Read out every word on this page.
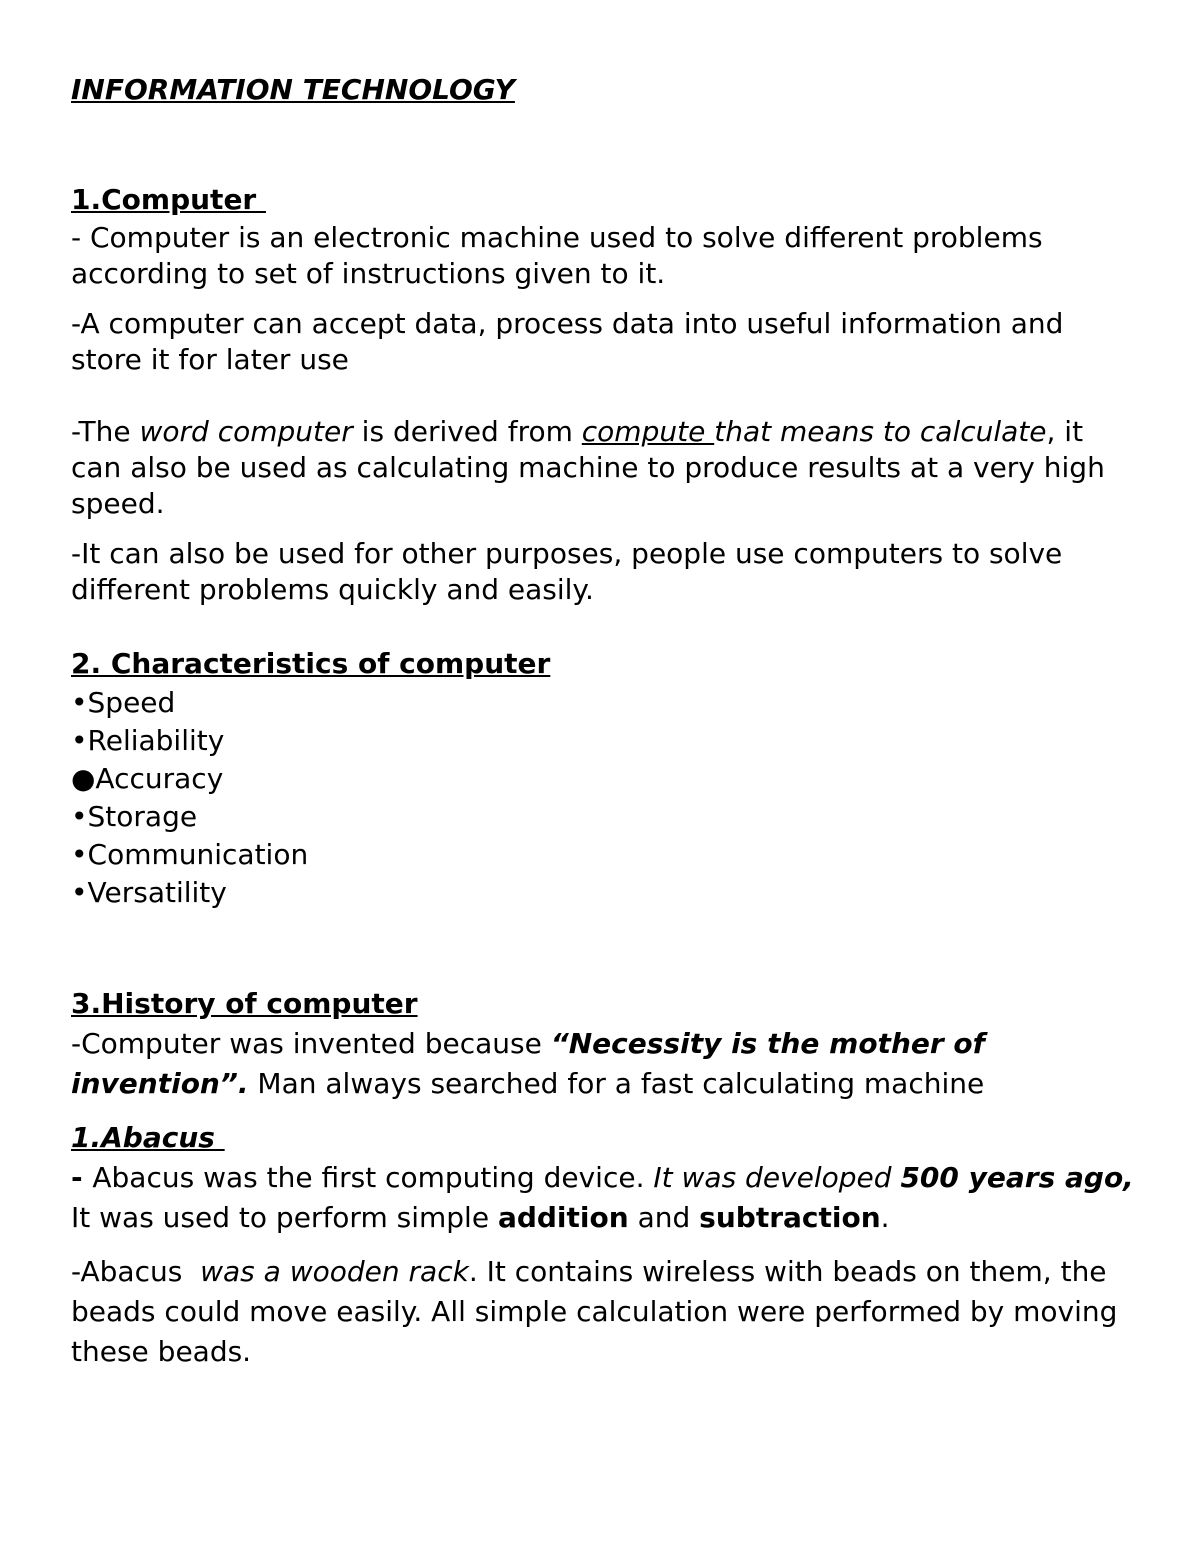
INFORMATION TECHNOLOGY
1.Computer

- Computer is an electronic machine used to solve different problems according to set of instructions given to it.

-A computer can accept data, process data into useful information and store it for later use

-The word computer is derived from compute that means to calculate, it can also be used as calculating machine to produce results at a very high speed.

-It can also be used for other purposes, people use computers to solve different problems quickly and easily.

2. Characteristics of computer
•Speed
•Reliability
●Accuracy
•Storage
•Communication
•Versatility
3.History of computer

-Computer was invented because “Necessity is the mother of invention”. Man always searched for a fast calculating machine

1.Abacus

- Abacus was the first computing device. It was developed 500 years ago, It was used to perform simple addition and subtraction.

-Abacus  was a wooden rack. It contains wireless with beads on them, the beads could move easily. All simple calculation were performed by moving these beads.
